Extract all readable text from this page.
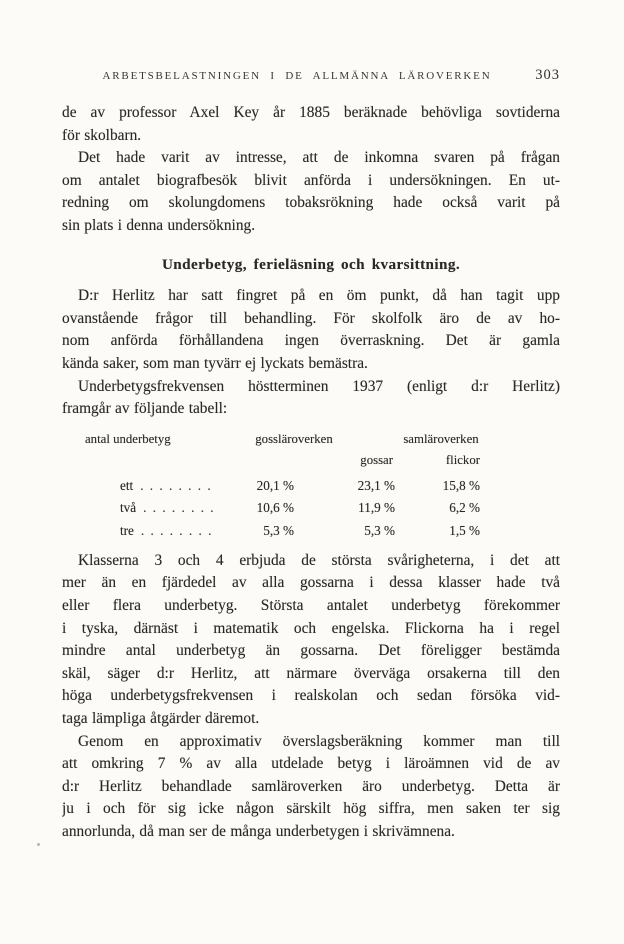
ARBETSBELASTNINGEN I DE ALLMÄNNA LÄROVERKEN	303
de av professor Axel Key år 1885 beräknade behövliga sovtiderna
för skolbarn.
Det hade varit av intresse, att de inkomna svaren på frågan
om antalet biografbesök blivit anförda i undersökningen. En ut-
redning om skolungdomens tobaksrökning hade också varit på
sin plats i denna undersökning.
Underbetyg, ferieläsning och kvarsittning.
D:r Herlitz har satt fingret på en öm punkt, då han tagit upp
ovanstående frågor till behandling. För skolfolk äro de av ho-
nom anförda förhållandena ingen överraskning. Det är gamla
kända saker, som man tyvärr ej lyckats bemästra.
Underbetygsfrekvensen höstterminen 1937 (enligt d:r Herlitz)
framgår av följande tabell:
antal underbetyg	gossläroverken	samläroverken
gossar	flickor
ett . . . . . . . .	20,1 %	23,1 %	15,8 %
två . . . . . . . .	10,6 %	11,9 %	6,2 %
tre . . . . . . . .	5,3 %	5,3 %	1,5 %
Klasserna 3 och 4 erbjuda de största svårigheterna, i det att
mer än en fjärdedel av alla gossarna i dessa klasser hade två
eller flera underbetyg. Största antalet underbetyg förekommer
i tyska, därnäst i matematik och engelska. Flickorna ha i regel
mindre antal underbetyg än gossarna. Det föreligger bestämda
skäl, säger d:r Herlitz, att närmare överväga orsakerna till den
höga underbetygsfrekvensen i realskolan och sedan försöka vid-
taga lämpliga åtgärder däremot.
Genom en approximativ överslagsberäkning kommer man till
att omkring 7 % av alla utdelade betyg i läroämnen vid de av
d:r Herlitz behandlade samläroverken äro underbetyg. Detta är
ju i och för sig icke någon särskilt hög siffra, men saken ter sig
annorlunda, då man ser de många underbetygen i skrivämnena.
